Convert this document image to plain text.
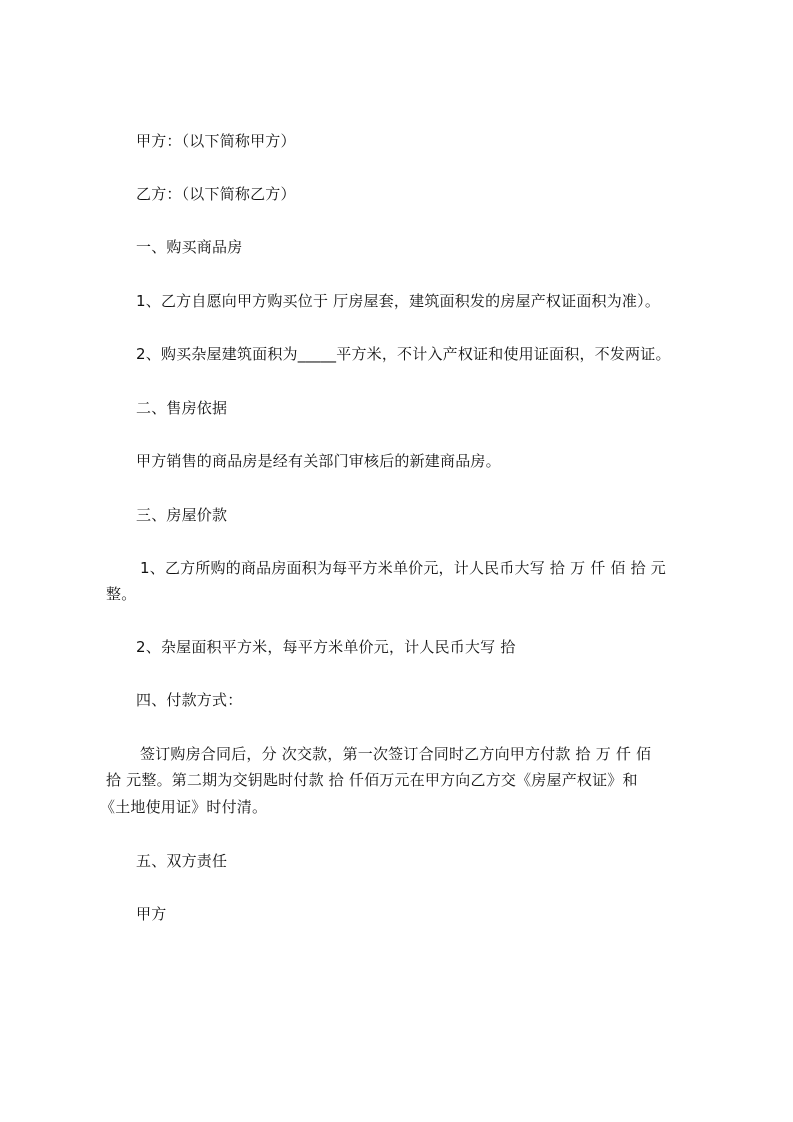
甲方：（以下简称甲方）
乙方：（以下简称乙方）
一、购买商品房
1、乙方自愿向甲方购买位于 厅房屋套，建筑面积发的房屋产权证面积为准）。
2、购买杂屋建筑面积为_____平方米，不计入产权证和使用证面积，不发两证。
二、售房依据
甲方销售的商品房是经有关部门审核后的新建商品房。
三、房屋价款
1、乙方所购的商品房面积为每平方米单价元，计人民币大写 拾 万 仟 佰 拾 元
整。
2、杂屋面积平方米，每平方米单价元，计人民币大写 拾
四、付款方式：
签订购房合同后，分 次交款，第一次签订合同时乙方向甲方付款 拾 万 仟 佰
拾 元整。第二期为交钥匙时付款 拾 仟佰万元在甲方向乙方交《房屋产权证》和
《土地使用证》时付清。
五、双方责任
甲方
